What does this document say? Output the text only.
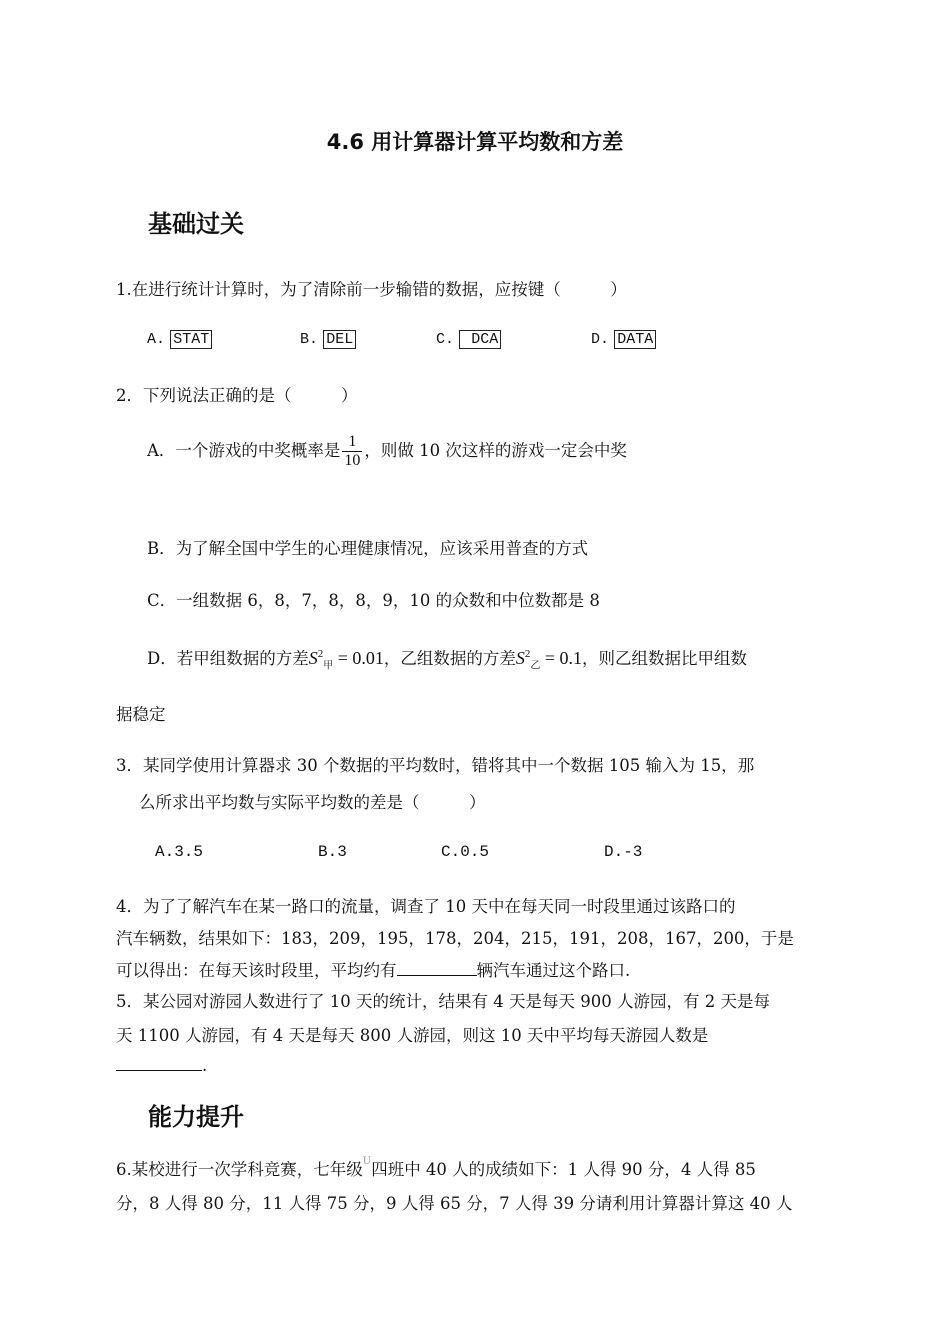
4.6 用计算器计算平均数和方差
基础过关
1.在进行统计计算时，为了清除前一步输错的数据，应按键（　　　）
A. STAT	B. DEL	C.  DCA	D. DATA
2．下列说法正确的是（　　　）
A．一个游戏的中奖概率是 $\frac{1}{10}$ ，则做 10 次这样的游戏一定会中奖
B．为了解全国中学生的心理健康情况，应该采用普查的方式
C．一组数据 6，8，7，8，8，9，10 的众数和中位数都是 8
D．若甲组数据的方差$S^2_甲 = 0.01$，乙组数据的方差$S^2_乙 = 0.1$，则乙组数据比甲组数
据稳定
3．某同学使用计算器求 30 个数据的平均数时，错将其中一个数据 105 输入为 15，那
么所求出平均数与实际平均数的差是（　　　）
A.3.5	B.3	C.0.5	D.-3
4．为了了解汽车在某一路口的流量，调查了 10 天中在每天同一时段里通过该路口的
汽车辆数，结果如下：183，209，195，178，204，215，191，208，167，200，于是
可以得出：在每天该时段里，平均约有	辆汽车通过这个路口.
5．某公园对游园人数进行了 10 天的统计，结果有 4 天是每天 900 人游园，有 2 天是每
天 1100 人游园，有 4 天是每天 800 人游园，则这 10 天中平均每天游园人数是
.
能力提升
6.某校进行一次学科竞赛，七年级$^U$四班中 40 人的成绩如下：1 人得 90 分，4 人得 85
分，8 人得 80 分，11 人得 75 分，9 人得 65 分，7 人得 39 分请利用计算器计算这 40 人
